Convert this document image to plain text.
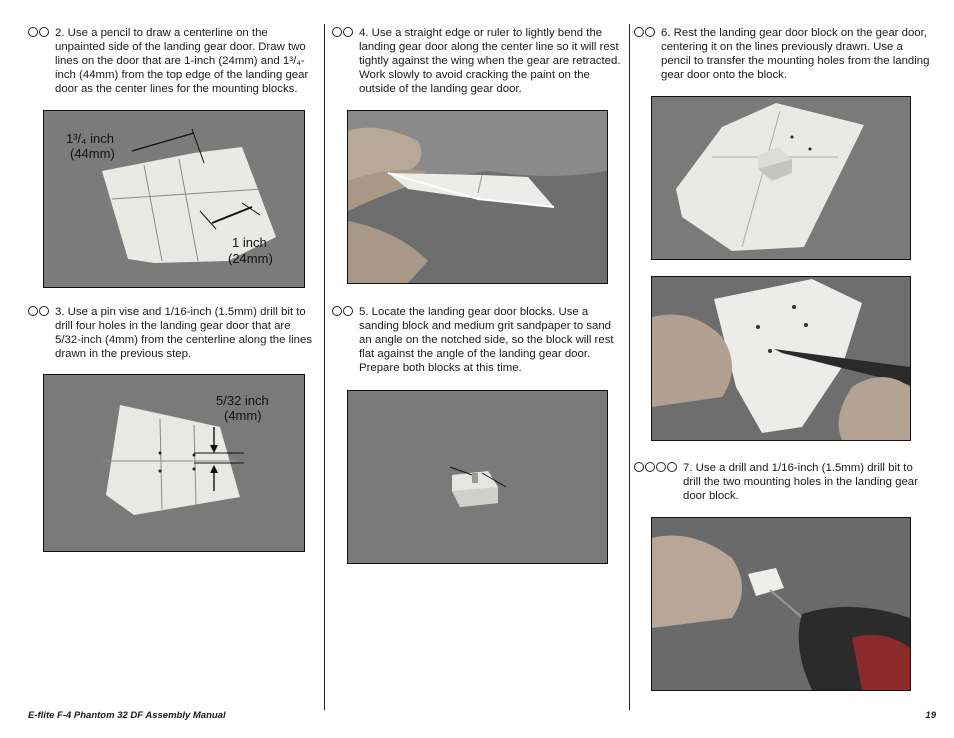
2. Use a pencil to draw a centerline on the unpainted side of the landing gear door. Draw two lines on the door that are 1-inch (24mm) and 1³/₄-inch (44mm) from the top edge of the landing gear door as the center lines for the mounting blocks.
1³/₄ inch
(44mm)
1 inch
(24mm)
3. Use a pin vise and 1/16-inch (1.5mm) drill bit to drill four holes in the landing gear door that are 5/32-inch (4mm) from the centerline along the lines drawn in the previous step.
5/32 inch
(4mm)
4. Use a straight edge or ruler to lightly bend the landing gear door along the center line so it will rest tightly against the wing when the gear are retracted. Work slowly to avoid cracking the paint on the outside of the landing gear door.
5. Locate the landing gear door blocks. Use a sanding block and medium grit sandpaper to sand an angle on the notched side, so the block will rest flat against the angle of the landing gear door. Prepare both blocks at this time.
6. Rest the landing gear door block on the gear door, centering it on the lines previously drawn. Use a pencil to transfer the mounting holes from the landing gear door onto the block.
7. Use a drill and 1/16-inch (1.5mm) drill bit to drill the two mounting holes in the landing gear door block.
E-flite F-4 Phantom 32 DF Assembly Manual	19
